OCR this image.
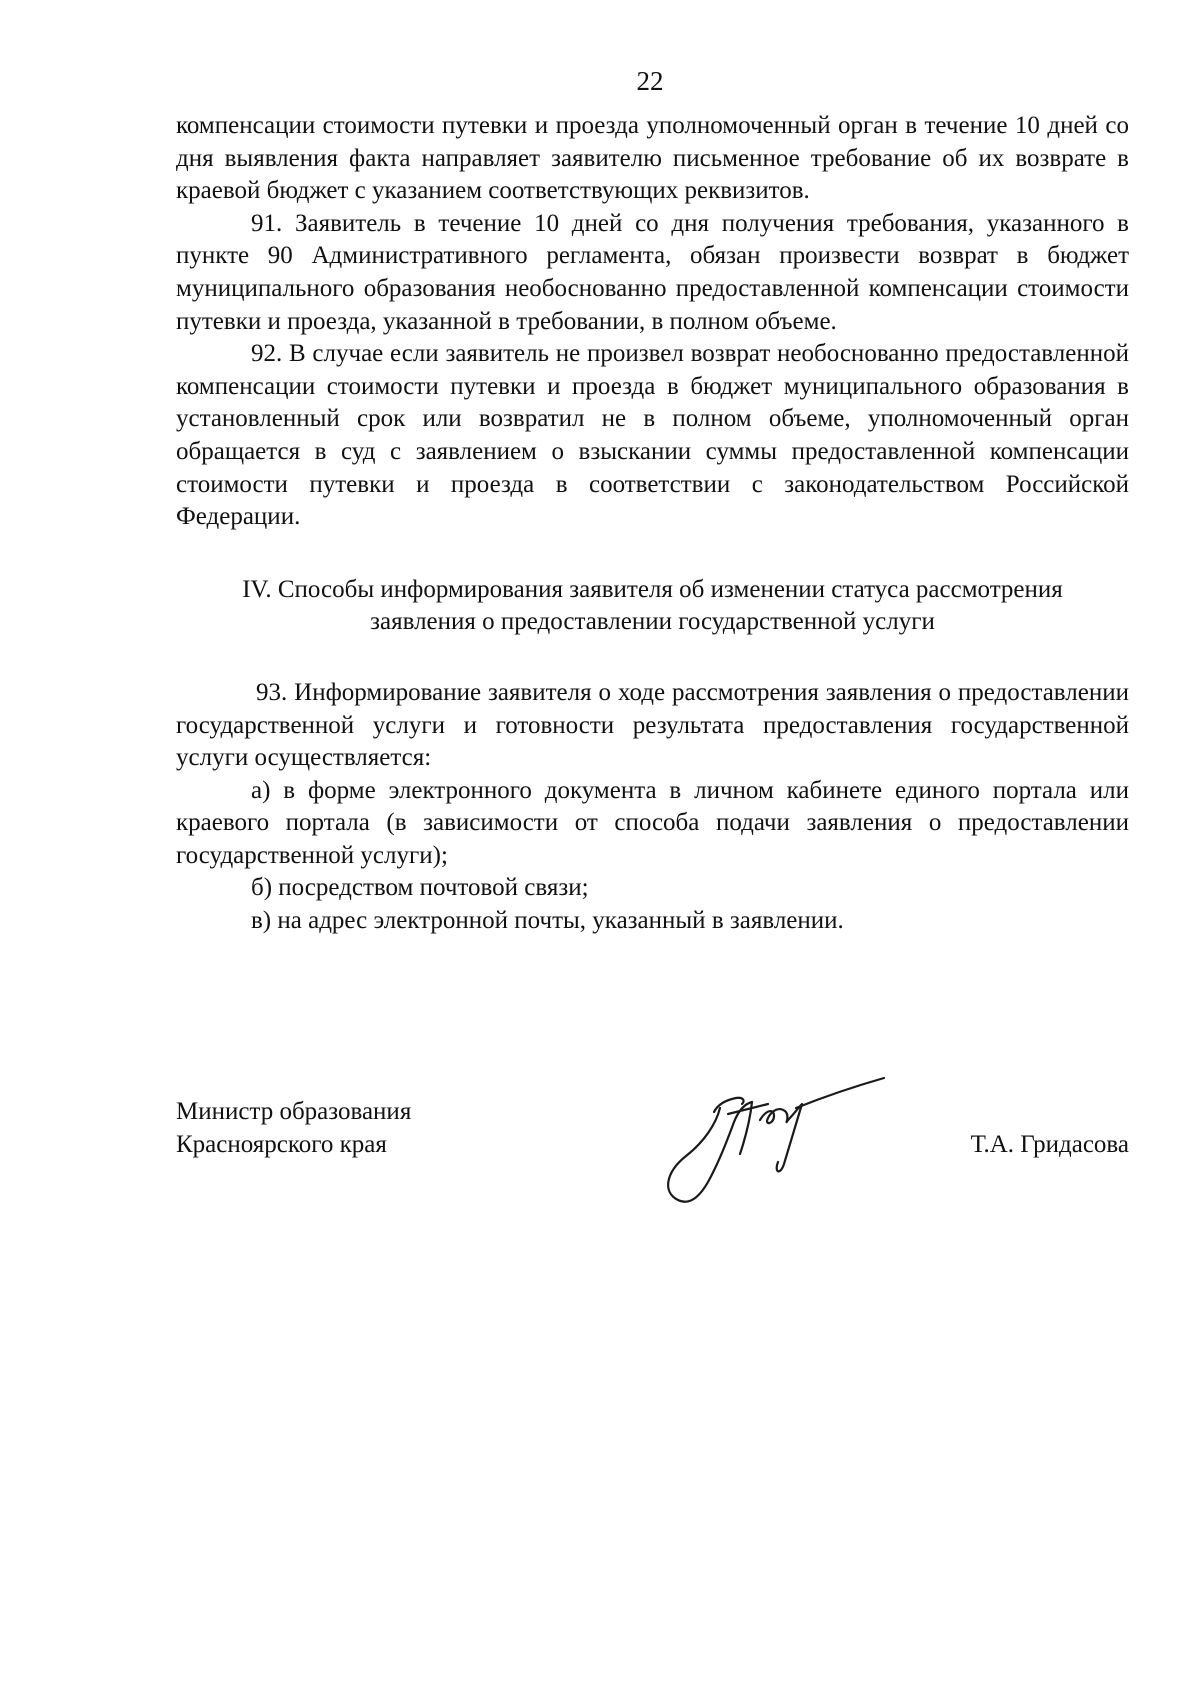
22

компенсации стоимости путевки и проезда уполномоченный орган в течение 10 дней со дня выявления факта направляет заявителю письменное требование об их возврате в краевой бюджет с указанием соответствующих реквизитов.

91. Заявитель в течение 10 дней со дня получения требования, указанного в пункте 90 Административного регламента, обязан произвести возврат в бюджет муниципального образования необоснованно предоставленной компенсации стоимости путевки и проезда, указанной в требовании, в полном объеме.

92. В случае если заявитель не произвел возврат необоснованно предоставленной компенсации стоимости путевки и проезда в бюджет муниципального образования в установленный срок или возвратил не в полном объеме, уполномоченный орган обращается в суд с заявлением о взыскании суммы предоставленной компенсации стоимости путевки и проезда в соответствии с законодательством Российской Федерации.

IV. Способы информирования заявителя об изменении статуса рассмотрения
заявления о предоставлении государственной услуги

93. Информирование заявителя о ходе рассмотрения заявления о предоставлении государственной услуги и готовности результата предоставления государственной услуги осуществляется:

а) в форме электронного документа в личном кабинете единого портала или краевого портала (в зависимости от способа подачи заявления о предоставлении государственной услуги);

б) посредством почтовой связи;

в) на адрес электронной почты, указанный в заявлении.

Министр образования
Красноярского края	Т.А. Гридасова
